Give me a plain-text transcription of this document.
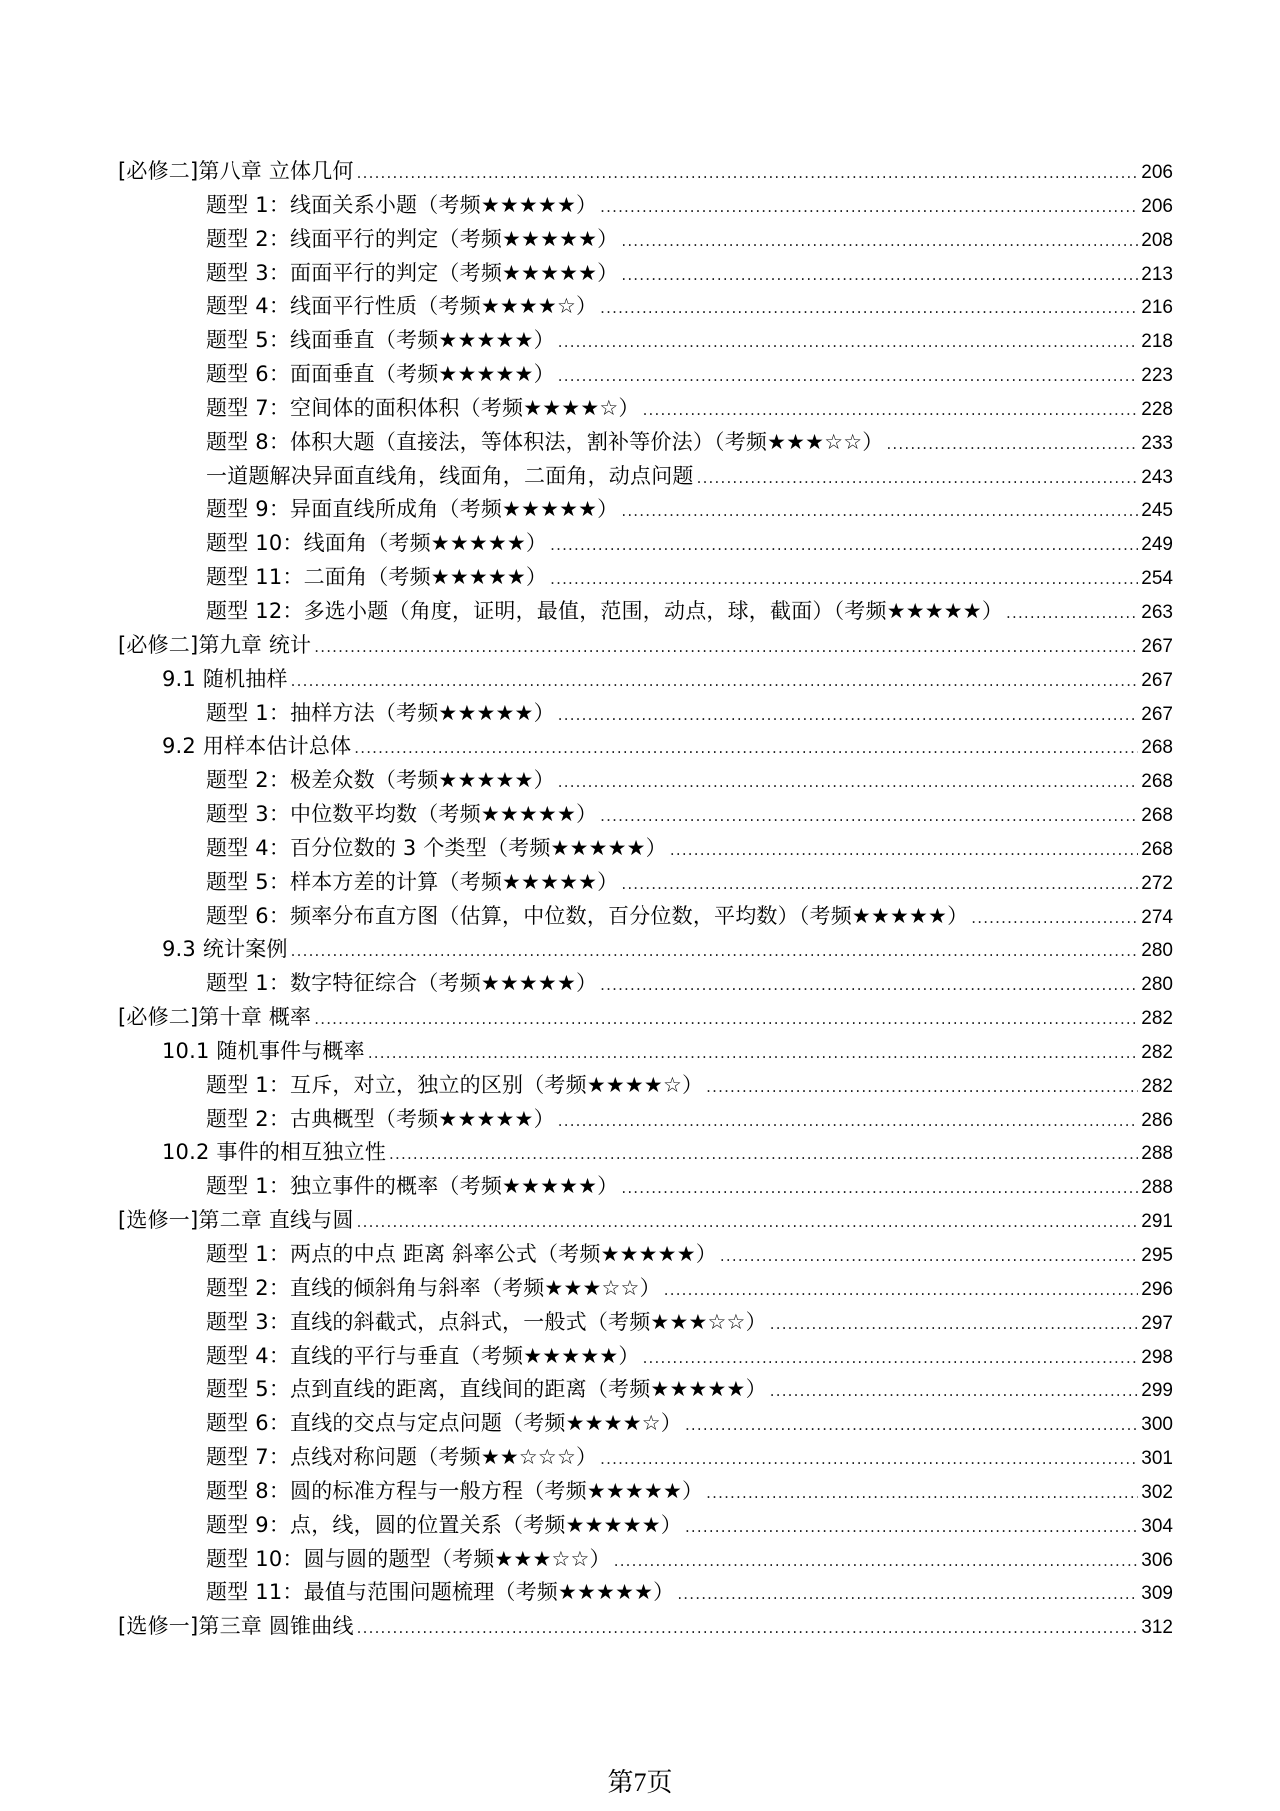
[必修二]第八章 立体几何 .....	206
题型 1：线面关系小题（考频★★★★★） .....	206
题型 2：线面平行的判定（考频★★★★★） .....	208
题型 3：面面平行的判定（考频★★★★★） .....	213
题型 4：线面平行性质（考频★★★★☆） .....	216
题型 5：线面垂直（考频★★★★★） .....	218
题型 6：面面垂直（考频★★★★★） .....	223
题型 7：空间体的面积体积（考频★★★★☆） .....	228
题型 8：体积大题（直接法，等体积法，割补等价法）（考频★★★☆☆） .....	233
一道题解决异面直线角，线面角，二面角，动点问题 .....	243
题型 9：异面直线所成角（考频★★★★★） .....	245
题型 10：线面角（考频★★★★★） .....	249
题型 11：二面角（考频★★★★★） .....	254
题型 12：多选小题（角度，证明，最值，范围，动点，球，截面）（考频★★★★★） .....	263
[必修二]第九章 统计 .....	267
9.1 随机抽样 .....	267
题型 1：抽样方法（考频★★★★★） .....	267
9.2 用样本估计总体 .....	268
题型 2：极差众数（考频★★★★★） .....	268
题型 3：中位数平均数（考频★★★★★） .....	268
题型 4：百分位数的 3 个类型（考频★★★★★） .....	268
题型 5：样本方差的计算（考频★★★★★） .....	272
题型 6：频率分布直方图（估算，中位数，百分位数，平均数）（考频★★★★★） .....	274
9.3 统计案例 .....	280
题型 1：数字特征综合（考频★★★★★） .....	280
[必修二]第十章 概率 .....	282
10.1 随机事件与概率 .....	282
题型 1：互斥，对立，独立的区别（考频★★★★☆） .....	282
题型 2：古典概型（考频★★★★★） .....	286
10.2 事件的相互独立性 .....	288
题型 1：独立事件的概率（考频★★★★★） .....	288
[选修一]第二章 直线与圆 .....	291
题型 1：两点的中点 距离 斜率公式（考频★★★★★） .....	295
题型 2：直线的倾斜角与斜率（考频★★★☆☆） .....	296
题型 3：直线的斜截式，点斜式，一般式（考频★★★☆☆） .....	297
题型 4：直线的平行与垂直（考频★★★★★） .....	298
题型 5：点到直线的距离，直线间的距离（考频★★★★★） .....	299
题型 6：直线的交点与定点问题（考频★★★★☆） .....	300
题型 7：点线对称问题（考频★★☆☆☆） .....	301
题型 8：圆的标准方程与一般方程（考频★★★★★） .....	302
题型 9：点，线，圆的位置关系（考频★★★★★） .....	304
题型 10：圆与圆的题型（考频★★★☆☆） .....	306
题型 11：最值与范围问题梳理（考频★★★★★） .....	309
[选修一]第三章 圆锥曲线 .....	312
第7页
